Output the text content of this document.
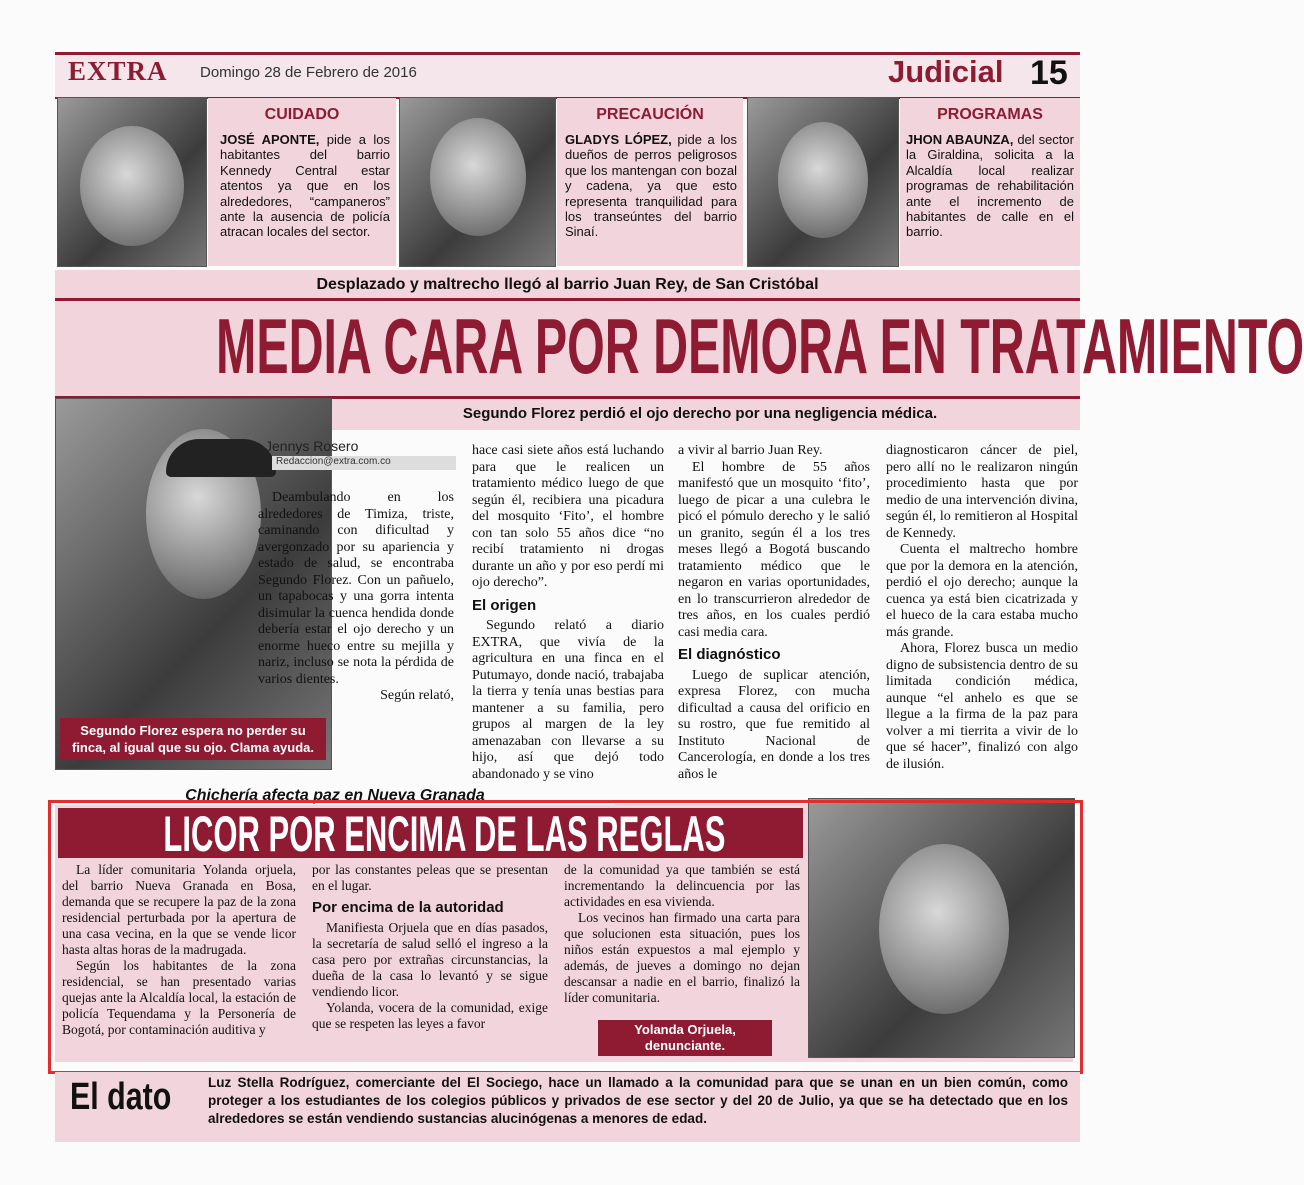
EXTRA Domingo 28 de Febrero de 2016	Judicial 15
CUIDADO
JOSÉ APONTE, pide a los habitantes del barrio Kennedy Central estar atentos ya que en los alrededores, “campaneros” ante la ausencia de policía atracan locales del sector.
PRECAUCIÓN
GLADYS LÓPEZ, pide a los dueños de perros peligrosos que los mantengan con bozal y cadena, ya que esto representa tranquilidad para los transeúntes del barrio Sinaí.
PROGRAMAS
JHON ABAUNZA, del sector la Giraldina, solicita a la Alcaldía local realizar programas de rehabilitación ante el incremento de habitantes de calle en el barrio.
Desplazado y maltrecho llegó al barrio Juan Rey, de San Cristóbal
MEDIA CARA POR DEMORA EN TRATAMIENTO
Segundo Florez perdió el ojo derecho por una negligencia médica.
Segundo Florez espera no perder su finca, al igual que su ojo. Clama ayuda.
Jennys Rosero
Redaccion@extra.com.co

Deambulando en los alrededores de Timiza, triste, caminando con dificultad y avergonzado por su apariencia y estado de salud, se encontraba Segundo Florez. Con un pañuelo, un tapabocas y una gorra intenta disimular la cuenca hendida donde debería estar el ojo derecho y un enorme hueco entre su mejilla y nariz, incluso se nota la pérdida de varios dientes.

Según relató,

hace casi siete años está luchando para que le realicen un tratamiento médico luego de que según él, recibiera una picadura del mosquito ‘Fito’, el hombre con tan solo 55 años dice “no recibí tratamiento ni drogas durante un año y por eso perdí mi ojo derecho”.

El origen

Segundo relató a diario EXTRA, que vivía de la agricultura en una finca en el Putumayo, donde nació, trabajaba la tierra y tenía unas bestias para mantener a su familia, pero grupos al margen de la ley amenazaban con llevarse a su hijo, así que dejó todo abandonado y se vino

a vivir al barrio Juan Rey.

El hombre de 55 años manifestó que un mosquito ‘fito’, luego de picar a una culebra le picó el pómulo derecho y le salió un granito, según él a los tres meses llegó a Bogotá buscando tratamiento médico que le negaron en varias oportunidades, en lo transcurrieron alrededor de tres años, en los cuales perdió casi media cara.

El diagnóstico

Luego de suplicar atención, expresa Florez, con mucha dificultad a causa del orificio en su rostro, que fue remitido al Instituto Nacional de Cancerología, en donde a los tres años le

diagnosticaron cáncer de piel, pero allí no le realizaron ningún procedimiento hasta que por medio de una intervención divina, según él, lo remitieron al Hospital de Kennedy.

Cuenta el maltrecho hombre que por la demora en la atención, perdió el ojo derecho; aunque la cuenca ya está bien cicatrizada y el hueco de la cara estaba mucho más grande.

Ahora, Florez busca un medio digno de subsistencia dentro de su limitada condición médica, aunque “el anhelo es que se llegue a la firma de la paz para volver a mi tierrita a vivir de lo que sé hacer”, finalizó con algo de ilusión.

Chichería afecta paz en Nueva Granada
LICOR POR ENCIMA DE LAS REGLAS

La líder comunitaria Yolanda orjuela, del barrio Nueva Granada en Bosa, demanda que se recupere la paz de la zona residencial perturbada por la apertura de una casa vecina, en la que se vende licor hasta altas horas de la madrugada.

Según los habitantes de la zona residencial, se han presentado varias quejas ante la Alcaldía local, la estación de policía Tequendama y la Personería de Bogotá, por contaminación auditiva y

por las constantes peleas que se presentan en el lugar.

Por encima de la autoridad

Manifiesta Orjuela que en días pasados, la secretaría de salud selló el ingreso a la casa pero por extrañas circunstancias, la dueña de la casa lo levantó y se sigue vendiendo licor.

Yolanda, vocera de la comunidad, exige que se respeten las leyes a favor

de la comunidad ya que también se está incrementando la delincuencia por las actividades en esa vivienda.

Los vecinos han firmado una carta para que solucionen esta situación, pues los niños están expuestos a mal ejemplo y además, de jueves a domingo no dejan descansar a nadie en el barrio, finalizó la líder comunitaria.

Yolanda Orjuela,
denunciante.
El dato	Luz Stella Rodríguez, comerciante del El Sociego, hace un llamado a la comunidad para que se unan en un bien común, como proteger a los estudiantes de los colegios públicos y privados de ese sector y del 20 de Julio, ya que se ha detectado que en los alrededores se están vendiendo sustancias alucinógenas a menores de edad.
